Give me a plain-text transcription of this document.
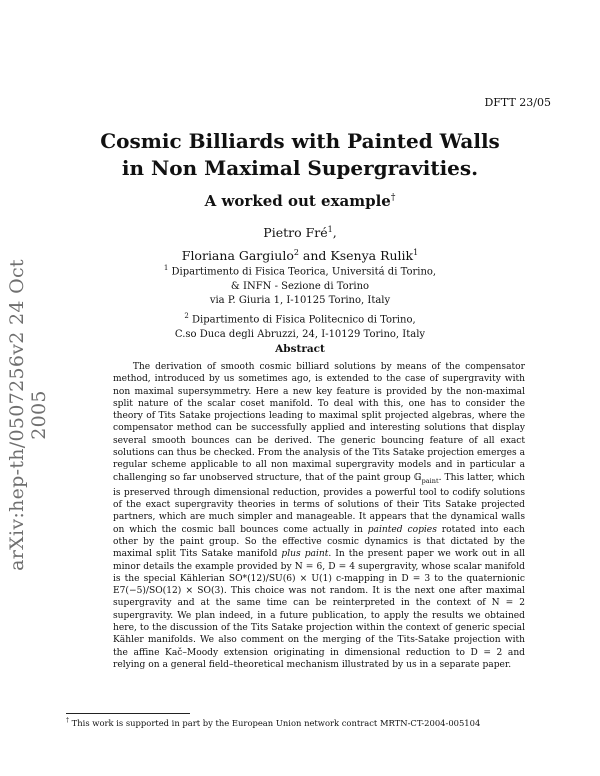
DFTT 23/05
arXiv:hep-th/0507256v2 24 Oct 2005
Cosmic Billiards with Painted Walls
in Non Maximal Supergravities.
A worked out example†
Pietro Fré$^1$,
Floriana Gargiulo$^2$ and Ksenya Rulik$^1$
$^1$ Dipartimento di Fisica Teorica, Universitá di Torino,
& INFN - Sezione di Torino
via P. Giuria 1, I-10125 Torino, Italy
$^2$ Dipartimento di Fisica Politecnico di Torino,
C.so Duca degli Abruzzi, 24, I-10129 Torino, Italy
Abstract
The derivation of smooth cosmic billiard solutions by means of the compensator method, introduced by us sometimes ago, is extended to the case of supergravity with non maximal supersymmetry. Here a new key feature is provided by the non-maximal split nature of the scalar coset manifold. To deal with this, one has to consider the theory of Tits Satake projections leading to maximal split projected algebras, where the compensator method can be successfully applied and interesting solutions that display several smooth bounces can be derived. The generic bouncing feature of all exact solutions can thus be checked. From the analysis of the Tits Satake projection emerges a regular scheme applicable to all non maximal supergravity models and in particular a challenging so far unobserved structure, that of the paint group 𝔾$_{paint}$. This latter, which is preserved through dimensional reduction, provides a powerful tool to codify solutions of the exact supergravity theories in terms of solutions of their Tits Satake projected partners, which are much simpler and manageable. It appears that the dynamical walls on which the cosmic ball bounces come actually in painted copies rotated into each other by the paint group. So the effective cosmic dynamics is that dictated by the maximal split Tits Satake manifold plus paint. In the present paper we work out in all minor details the example provided by N = 6, D = 4 supergravity, whose scalar manifold is the special Kählerian SO*(12)/SU(6) × U(1) c-mapping in D = 3 to the quaternionic E7(−5)/SO(12) × SO(3). This choice was not random. It is the next one after maximal supergravity and at the same time can be reinterpreted in the context of N = 2 supergravity. We plan indeed, in a future publication, to apply the results we obtained here, to the discussion of the Tits Satake projection within the context of generic special Kähler manifolds. We also comment on the merging of the Tits-Satake projection with the affine Kač–Moody extension originating in dimensional reduction to D = 2 and relying on a general field–theoretical mechanism illustrated by us in a separate paper.
† This work is supported in part by the European Union network contract MRTN-CT-2004-005104
